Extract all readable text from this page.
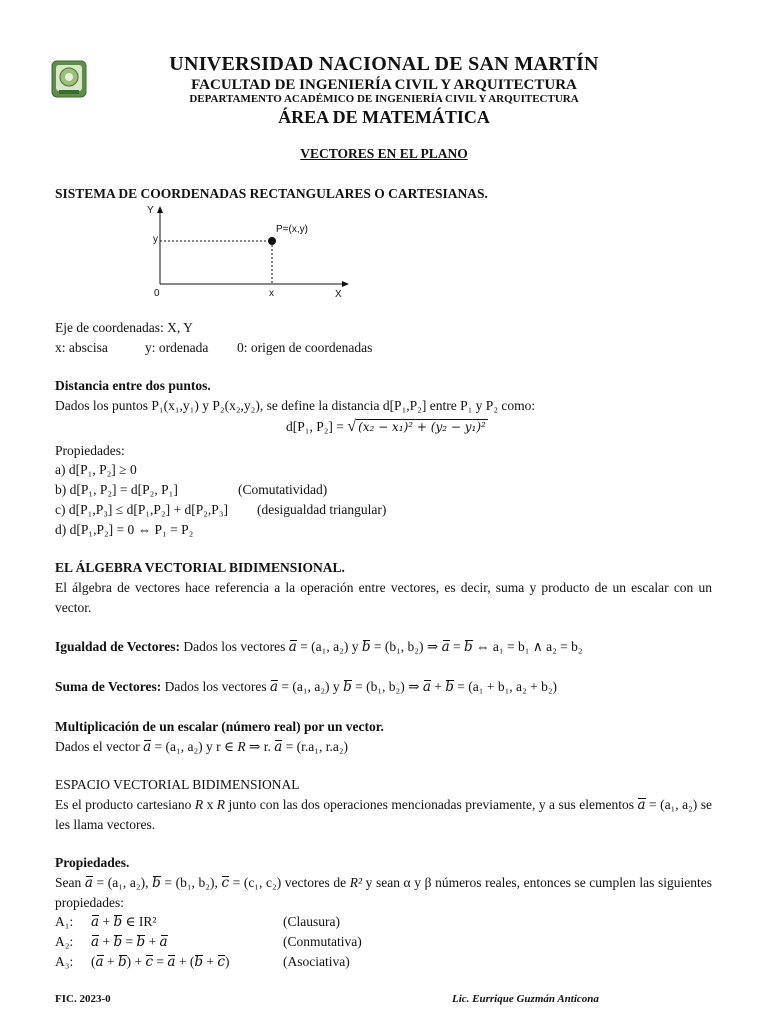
UNIVERSIDAD NACIONAL DE SAN MARTÍN
FACULTAD DE INGENIERÍA CIVIL Y ARQUITECTURA
DEPARTAMENTO ACADÉMICO DE INGENIERÍA CIVIL Y ARQUITECTURA
ÁREA DE MATEMÁTICA
VECTORES EN EL PLANO
SISTEMA DE COORDENADAS RECTANGULARES O CARTESIANAS.
Y
X
y
x
0
P=(x,y)
Eje de coordenadas: X, Y
x: abscisa	y: ordenada 0: origen de coordenadas
Distancia entre dos puntos.
Dados los puntos P₁(x₁,y₁) y P₂(x₂,y₂), se define la distancia d[P₁,P₂] entre P₁ y P₂ como:
d[P₁, P₂] = √ (x₂ − x₁)² + (y₂ − y₁)²
Propiedades:
a) d[P₁, P₂] ≥ 0
b) d[P₁, P₂] = d[P₂, P₁]	(Comutatividad)
c) d[P₁,P₃] ≤ d[P₁,P₂] + d[P₂,P₃] (desigualdad triangular)
d) d[P₁,P₂] = 0 ⇔ P₁ = P₂
EL ÁLGEBRA VECTORIAL BIDIMENSIONAL.
El álgebra de vectores hace referencia a la operación entre vectores, es decir, suma y producto de un escalar con un vector.
Igualdad de Vectores: Dados los vectores a = (a₁, a₂) y b = (b₁, b₂) ⇒ a = b ⇔ a₁ = b₁ ∧ a₂ = b₂
Suma de Vectores: Dados los vectores a = (a₁, a₂) y b = (b₁, b₂) ⇒ a + b = (a₁ + b₁, a₂ + b₂)
Multiplicación de un escalar (número real) por un vector.
Dados el vector a = (a₁, a₂) y r ∈ R ⇒ r. a = (r.a₁, r.a₂)
ESPACIO VECTORIAL BIDIMENSIONAL
Es el producto cartesiano R x R junto con las dos operaciones mencionadas previamente, y a sus elementos a = (a₁, a₂) se les llama vectores.
Propiedades.
Sean a = (a₁, a₂), b = (b₁, b₂), c = (c₁, c₂) vectores de R² y sean α y β números reales, entonces se cumplen las siguientes propiedades:
A₁: a + b ∈ IR²	(Clausura)
A₂: a + b = b + a	(Conmutativa)
A₃: (a + b) + c = a + (b + c)	(Asociativa)
FIC. 2023-0	Lic. Eurrique Guzmán Anticona
